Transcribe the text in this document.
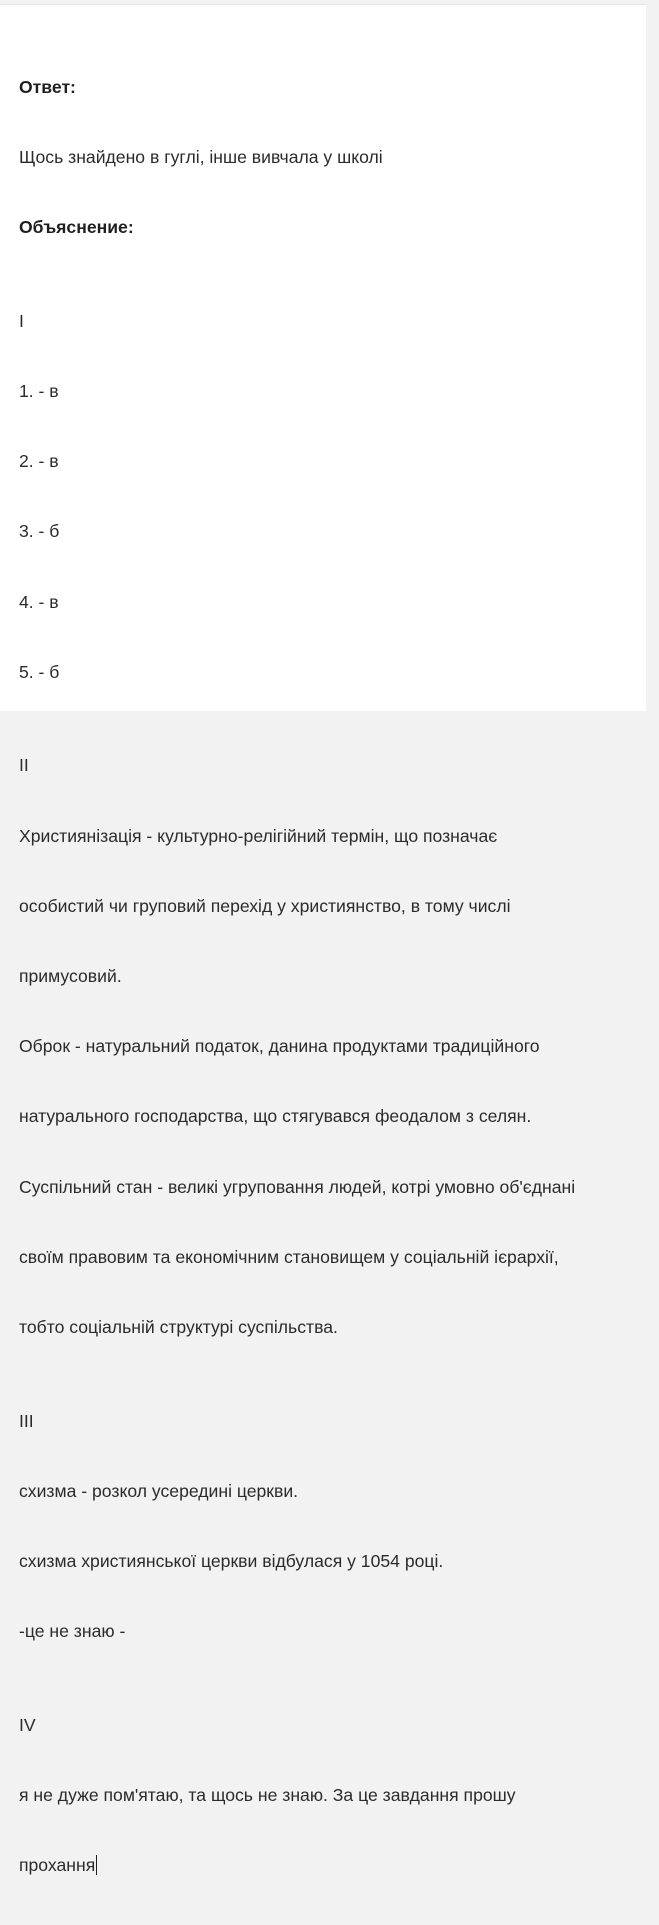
Ответ:

Щось знайдено в гуглі, інше вивчала у школі

Объяснение:

I

1. - в

2. - в

3. - б

4. - в

5. - б

II

Християнізація - культурно-релігійний термін, що позначає

особистий чи груповий перехід у християнство, в тому числі

примусовий.

Оброк - натуральний податок, данина продуктами традиційного

натурального господарства, що стягувався феодалом з селян.

Суспільний стан - великі угруповання людей, котрі умовно об'єднані

своїм правовим та економічним становищем у соціальній ієрархії,

тобто соціальній структурі суспільства.

III

схизма - розкол усередині церкви.

схизма християнської церкви відбулася у 1054 році.

-це не знаю -

IV

я не дуже пом'ятаю, та щось не знаю. За це завдання прошу

прохання
